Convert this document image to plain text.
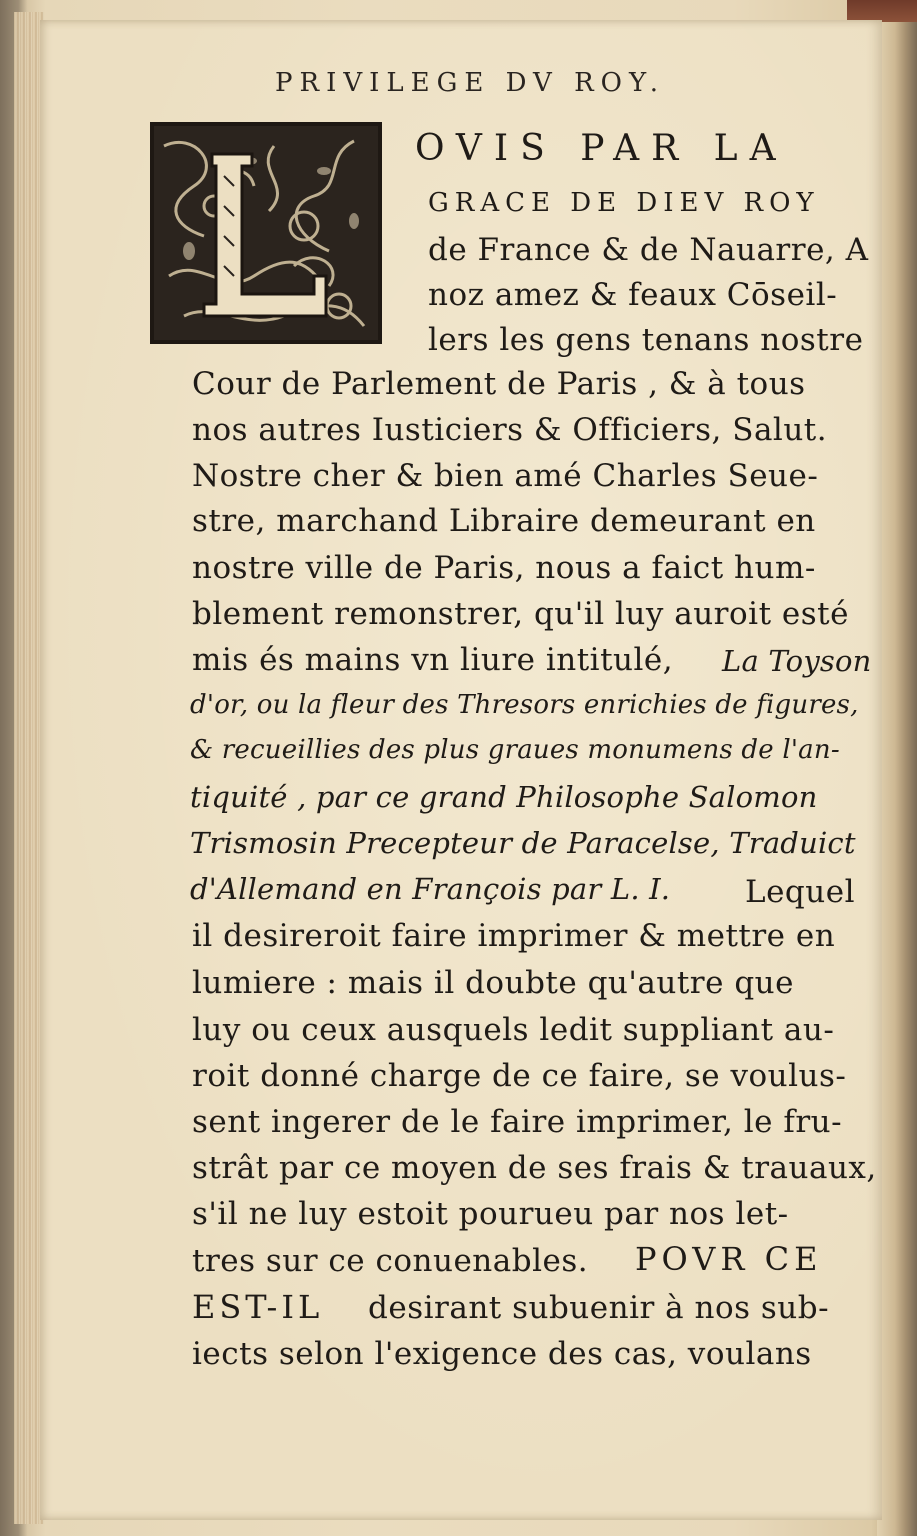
PRIVILEGE DV ROY.
OVIS PAR LA
GRACE DE DIEV ROY
de France & de Nauarre, A
noz amez & feaux Cōseil-
lers les gens tenans nostre
Cour de Parlement de Paris , & à tous
nos autres Iusticiers & Officiers, Salut.
Nostre cher & bien amé Charles Seue-
stre, marchand Libraire demeurant en
nostre ville de Paris, nous a faict hum-
blement remonstrer, qu'il luy auroit esté
mis és mains vn liure intitulé, La Toyson
d'or, ou la fleur des Thresors enrichies de figures,
& recueillies des plus graues monumens de l'an-
tiquité , par ce grand Philosophe Salomon
Trismosin Precepteur de Paracelse, Traduict
d'Allemand en François par L. I. Lequel
il desireroit faire imprimer & mettre en
lumiere : mais il doubte qu'autre que
luy ou ceux ausquels ledit suppliant au-
roit donné charge de ce faire, se voulus-
sent ingerer de le faire imprimer, le fru-
strât par ce moyen de ses frais & trauaux,
s'il ne luy estoit pourueu par nos let-
tres sur ce conuenables. POVR CE
EST-IL desirant subuenir à nos sub-
iects selon l'exigence des cas, voulans
